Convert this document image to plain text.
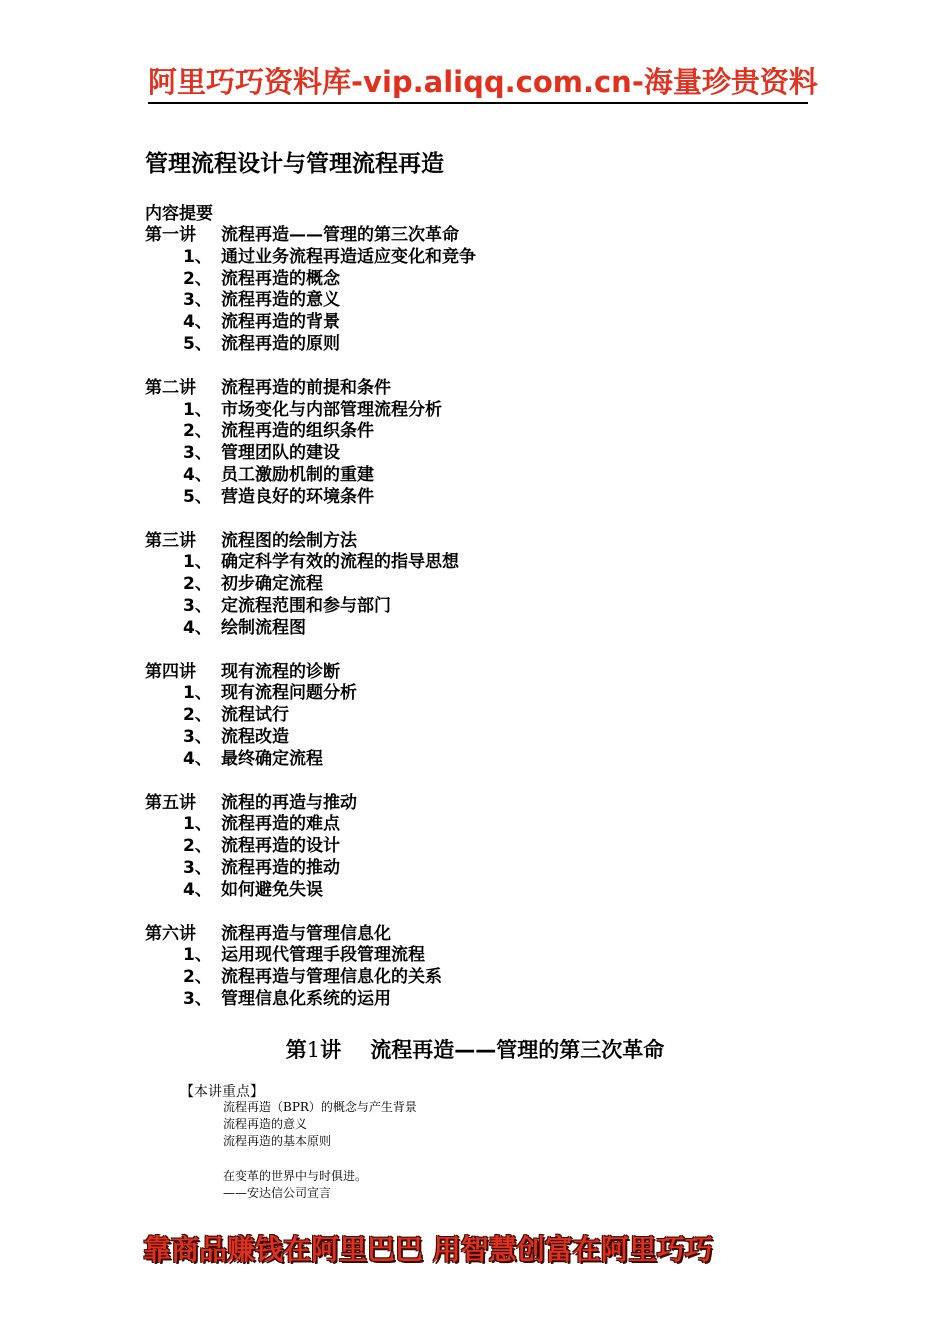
阿里巧巧资料库-vip.aliqq.com.cn-海量珍贵资料
管理流程设计与管理流程再造
内容提要
第一讲 流程再造——管理的第三次革命
1、 通过业务流程再造适应变化和竞争
2、 流程再造的概念
3、 流程再造的意义
4、 流程再造的背景
5、 流程再造的原则
第二讲 流程再造的前提和条件
1、 市场变化与内部管理流程分析
2、 流程再造的组织条件
3、 管理团队的建设
4、 员工激励机制的重建
5、 营造良好的环境条件
第三讲 流程图的绘制方法
1、 确定科学有效的流程的指导思想
2、 初步确定流程
3、 定流程范围和参与部门
4、 绘制流程图
第四讲 现有流程的诊断
1、 现有流程问题分析
2、 流程试行
3、 流程改造
4、 最终确定流程
第五讲 流程的再造与推动
1、 流程再造的难点
2、 流程再造的设计
3、 流程再造的推动
4、 如何避免失误
第六讲 流程再造与管理信息化
1、 运用现代管理手段管理流程
2、 流程再造与管理信息化的关系
3、 管理信息化系统的运用
第1讲 流程再造——管理的第三次革命
【本讲重点】
流程再造（BPR）的概念与产生背景
流程再造的意义
流程再造的基本原则
在变革的世界中与时俱进。
——安达信公司宣言
靠商品赚钱在阿里巴巴 用智慧创富在阿里巧巧
